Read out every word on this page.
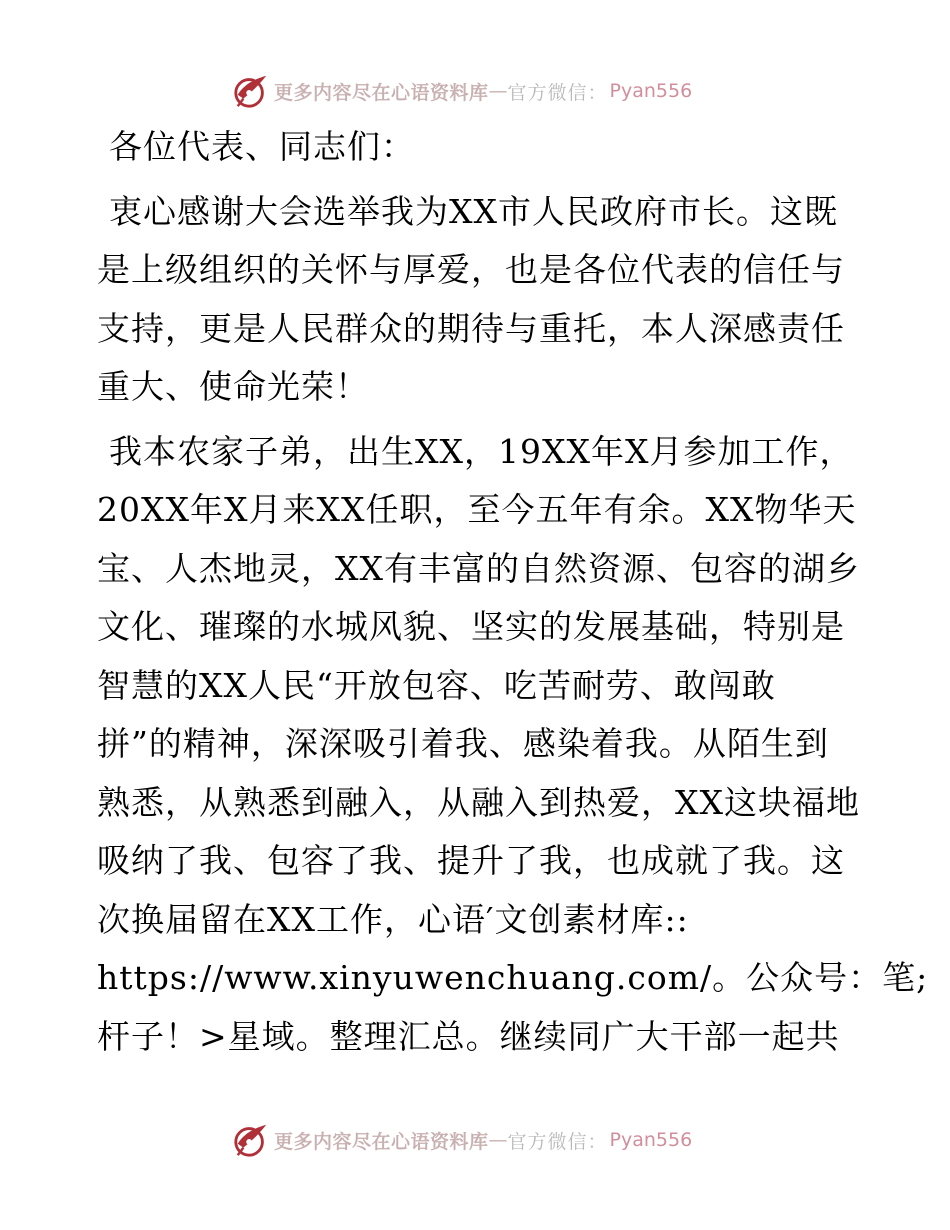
更多内容尽在心语资料库 — 官方微信： Pyan556

各位代表、同志们：

衷心感谢大会选举我为XX市人民政府市长。这既
是上级组织的关怀与厚爱，也是各位代表的信任与
支持，更是人民群众的期待与重托，本人深感责任
重大、使命光荣！

我本农家子弟，出生XX，19XX年X月参加工作，
20XX年X月来XX任职，至今五年有余。XX物华天
宝、人杰地灵，XX有丰富的自然资源、包容的湖乡
文化、璀璨的水城风貌、坚实的发展基础，特别是
智慧的XX人民“开放包容、吃苦耐劳、敢闯敢
拼”的精神，深深吸引着我、感染着我。从陌生到
熟悉，从熟悉到融入，从融入到热爱，XX这块福地
吸纳了我、包容了我、提升了我，也成就了我。这
次换届留在XX工作，心语′文创素材库::
https://www.xinyuwenchuang.com/。公众号：笔;
杆子！>星域。整理汇总。继续同广大干部一起共

更多内容尽在心语资料库 — 官方微信： Pyan556
